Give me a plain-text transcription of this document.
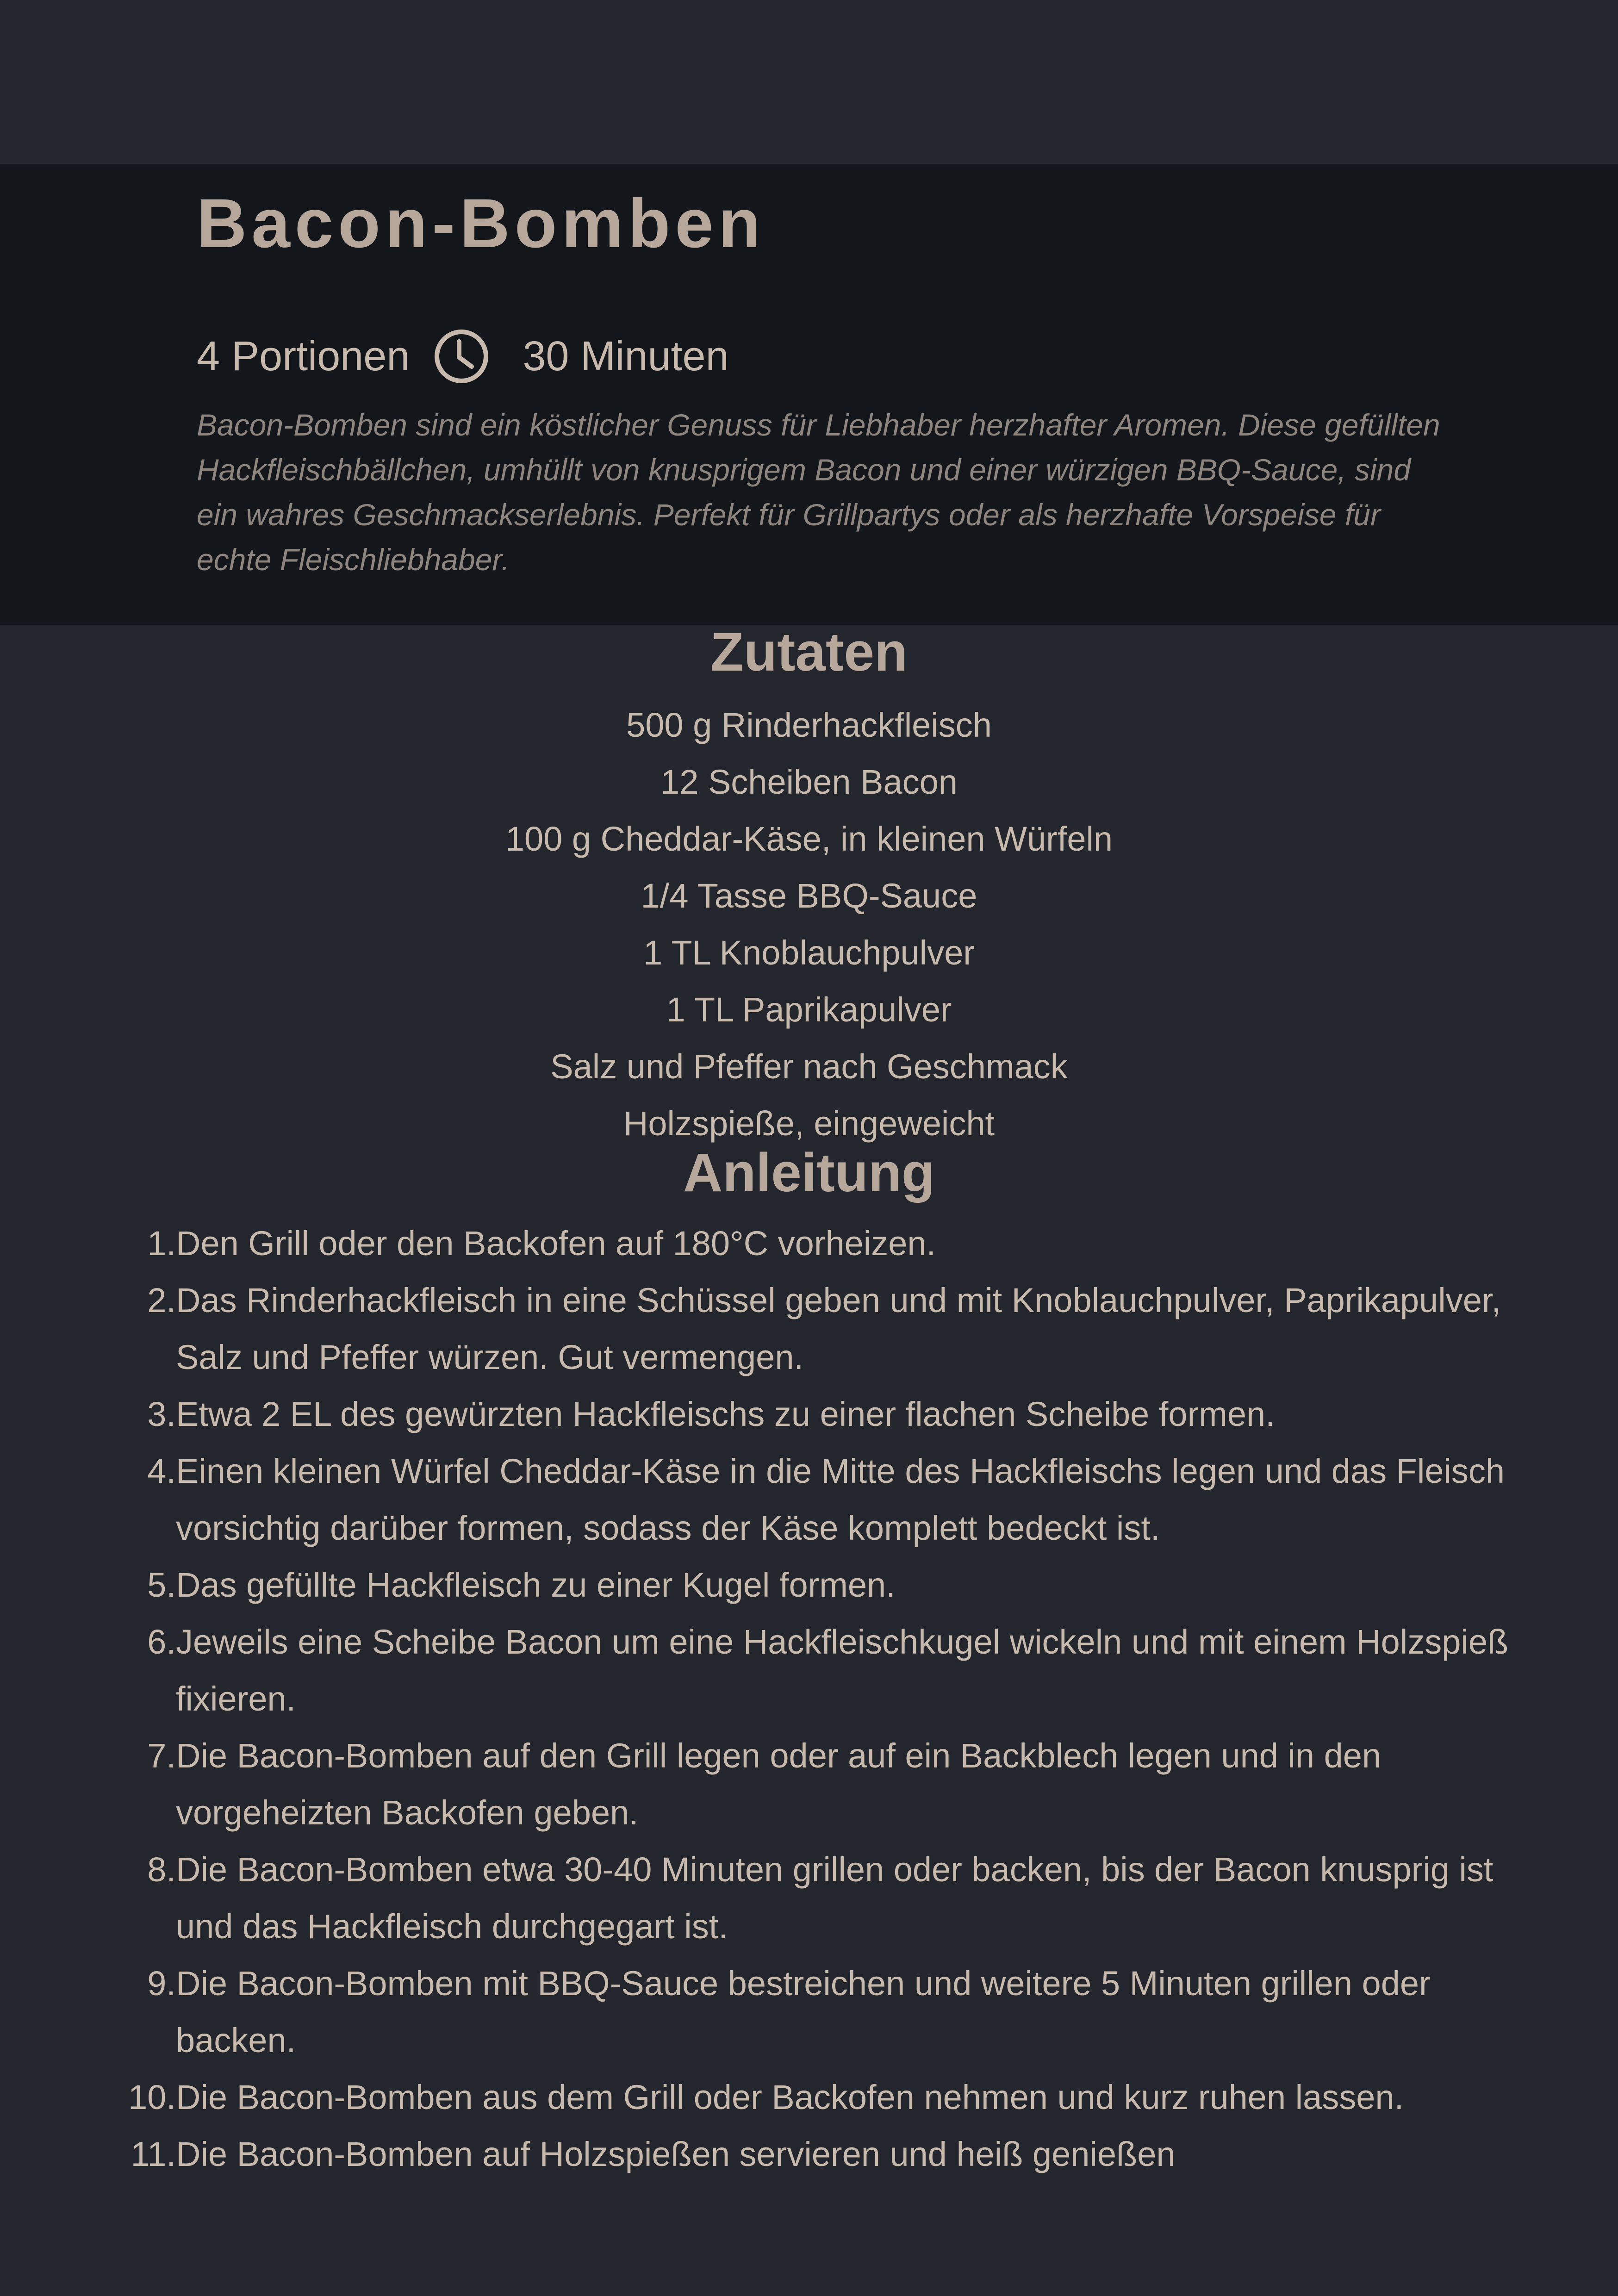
Bacon-Bomben
4 Portionen	30 Minuten

Bacon-Bomben sind ein köstlicher Genuss für Liebhaber herzhafter Aromen. Diese gefüllten Hackfleischbällchen, umhüllt von knusprigem Bacon und einer würzigen BBQ-Sauce, sind ein wahres Geschmackserlebnis. Perfekt für Grillpartys oder als herzhafte Vorspeise für echte Fleischliebhaber.

Zutaten
500 g Rinderhackfleisch
12 Scheiben Bacon
100 g Cheddar-Käse, in kleinen Würfeln
1/4 Tasse BBQ-Sauce
1 TL Knoblauchpulver
1 TL Paprikapulver
Salz und Pfeffer nach Geschmack
Holzspieße, eingeweicht
Anleitung
1. Den Grill oder den Backofen auf 180°C vorheizen.
2. Das Rinderhackfleisch in eine Schüssel geben und mit Knoblauchpulver, Paprikapulver, Salz und Pfeffer würzen. Gut vermengen.
3. Etwa 2 EL des gewürzten Hackfleischs zu einer flachen Scheibe formen.
4. Einen kleinen Würfel Cheddar-Käse in die Mitte des Hackfleischs legen und das Fleisch vorsichtig darüber formen, sodass der Käse komplett bedeckt ist.
5. Das gefüllte Hackfleisch zu einer Kugel formen.
6. Jeweils eine Scheibe Bacon um eine Hackfleischkugel wickeln und mit einem Holzspieß fixieren.
7. Die Bacon-Bomben auf den Grill legen oder auf ein Backblech legen und in den vorgeheizten Backofen geben.
8. Die Bacon-Bomben etwa 30-40 Minuten grillen oder backen, bis der Bacon knusprig ist und das Hackfleisch durchgegart ist.
9. Die Bacon-Bomben mit BBQ-Sauce bestreichen und weitere 5 Minuten grillen oder backen.
10. Die Bacon-Bomben aus dem Grill oder Backofen nehmen und kurz ruhen lassen.
11. Die Bacon-Bomben auf Holzspießen servieren und heiß genießen
